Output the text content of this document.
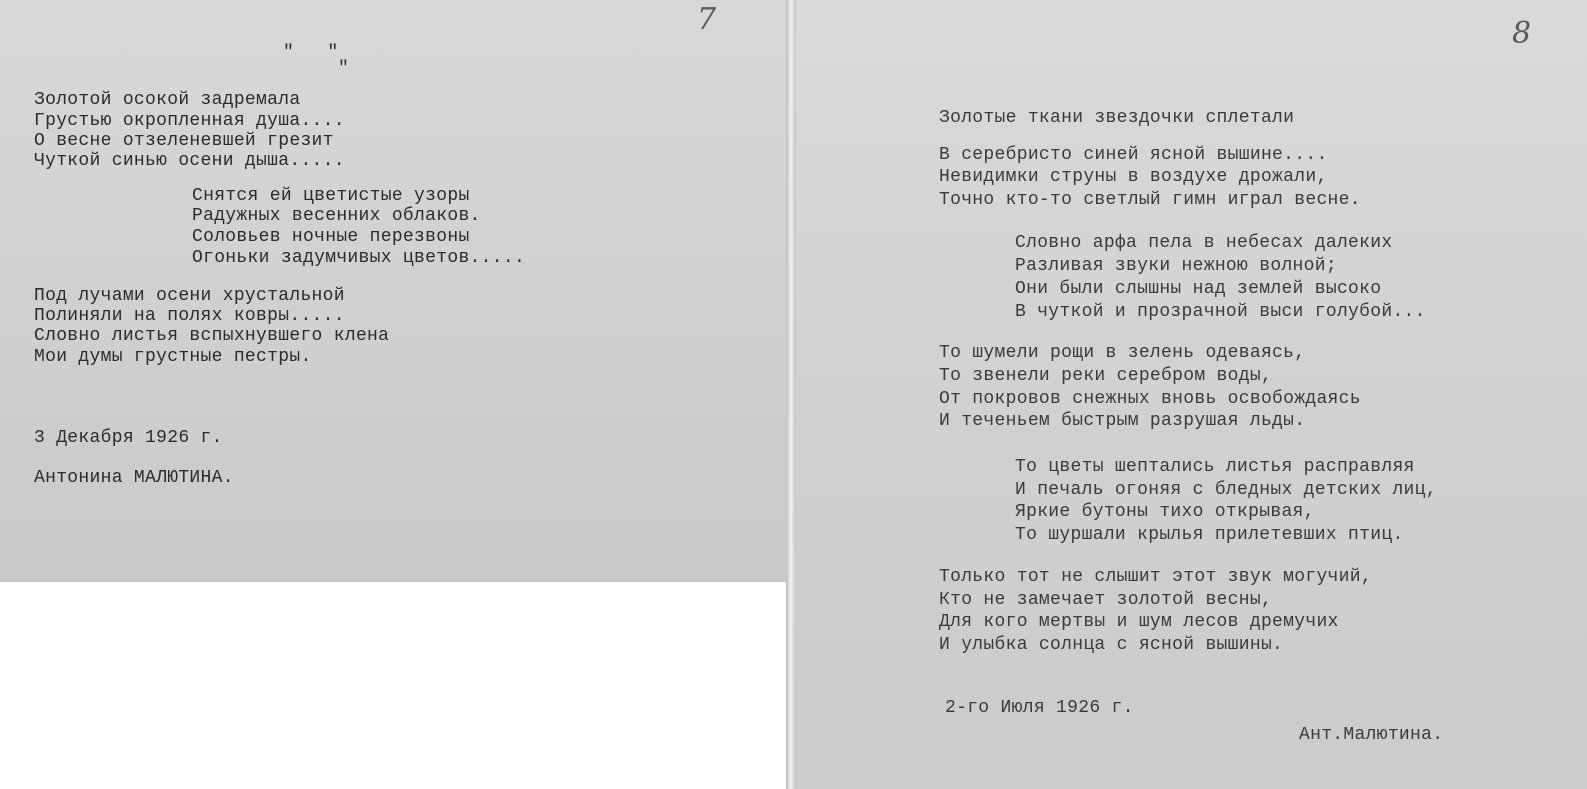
7

"   "

"

Золотой осокой задремала

Грустью окропленная душа....

О весне отзеленевшей грезит

Чуткой синью осени дыша.....

Снятся ей цветистые узоры

Радужных весенних облаков.

Соловьев ночные перезвоны

Огоньки задумчивых цветов.....

Под лучами осени хрустальной

Полиняли на полях ковры.....

Словно листья вспыхнувшего клена

Мои думы грустные пестры.

3 Декабря 1926 г.

Антонина МАЛЮТИНА.

8

Золотые ткани звездочки сплетали

В серебристо синей ясной вышине....

Невидимки струны в воздухе дрожали,

Точно кто-то светлый гимн играл весне.

Словно арфа пела в небесах далеких

Разливая звуки нежною волной;

Они были слышны над землей высоко

В чуткой и прозрачной выси голубой...

То шумели рощи в зелень одеваясь,

То звенели реки серебром воды,

От покровов снежных вновь освобождаясь

И теченьем быстрым разрушая льды.

То цветы шептались листья расправляя

И печаль огоняя с бледных детских лиц,

Яркие бутоны тихо открывая,

То шуршали крылья прилетевших птиц.

Только тот не слышит этот звук могучий,

Кто не замечает золотой весны,

Для кого мертвы и шум лесов дремучих

И улыбка солнца с ясной вышины.

2-го Июля 1926 г.

Ант.Малютина.
